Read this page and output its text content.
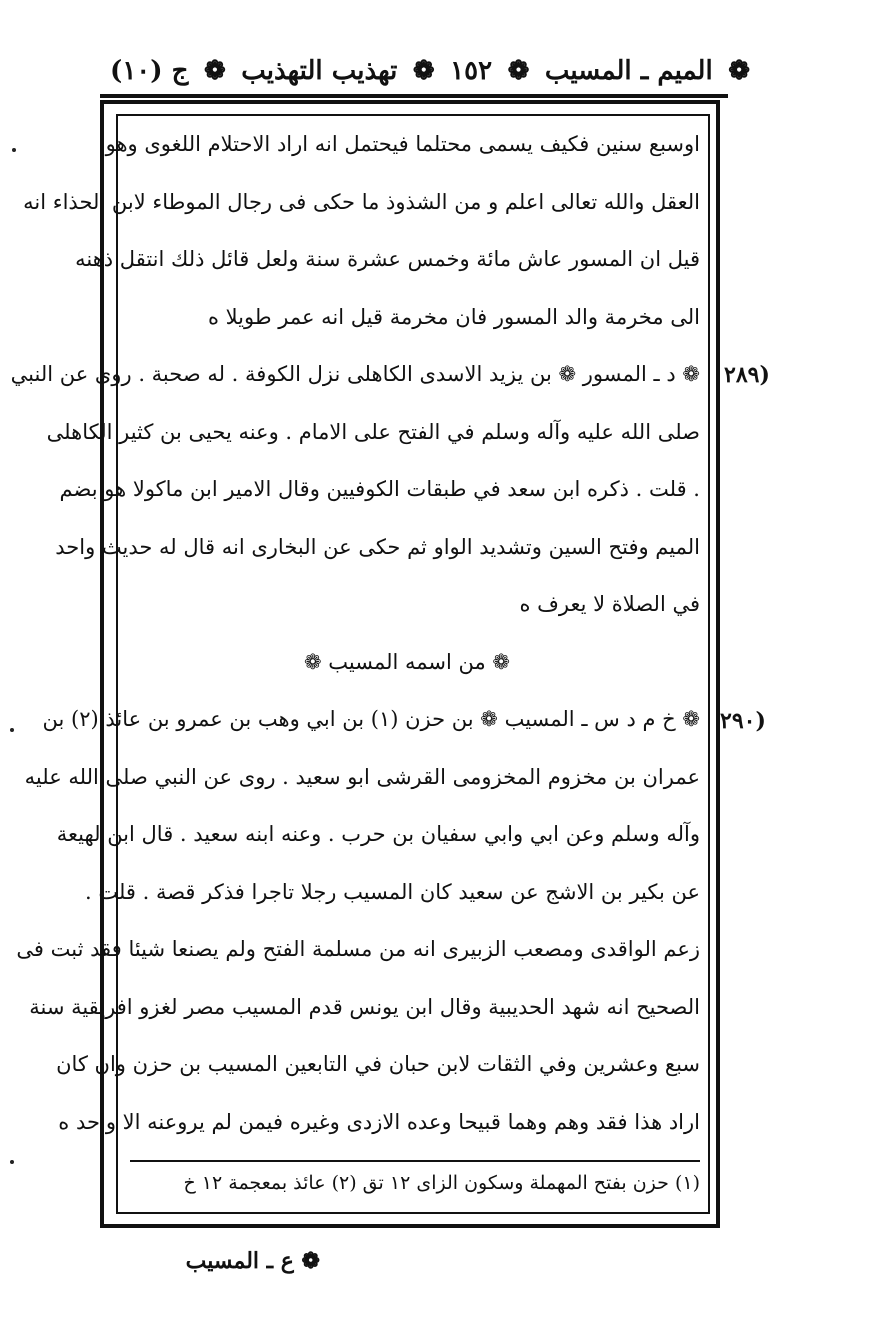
ج (١٠) ❁ تهذيب التهذيب ❁ ١٥٢ ❁ الميم ـ المسيب ❁
اوسبع سنين فكيف يسمى محتلما فيحتمل انه اراد الاحتلام اللغوى وهو
العقل والله تعالى اعلم و من الشذوذ ما حكى فى رجال الموطاء لابن الحذاء انه
قيل ان المسور عاش مائة وخمس عشرة سنة ولعل قائل ذلك انتقل ذهنه
الى مخرمة والد المسور فان مخرمة قيل انه عمر طويلا ه
❁ د ـ المسور ❁ بن يزيد الاسدى الكاهلى نزل الكوفة . له صحبة . روى عن النبي
صلى الله عليه وآله وسلم في الفتح على الامام . وعنه يحيى بن كثير الكاهلى
. قلت . ذكره ابن سعد في طبقات الكوفيين وقال الامير ابن ماكولا هو بضم
الميم وفتح السين وتشديد الواو ثم حكى عن البخارى انه قال له حديث واحد
في الصلاة لا يعرف ه
❁ من اسمه المسيب ❁
❁ خ م د س ـ المسيب ❁ بن حزن (١) بن ابي وهب بن عمرو بن عائذ (٢) بن
عمران بن مخزوم المخزومى القرشى ابو سعيد . روى عن النبي صلى الله عليه
وآله وسلم وعن ابي وابي سفيان بن حرب . وعنه ابنه سعيد . قال ابن لهيعة
عن بكير بن الاشج عن سعيد كان المسيب رجلا تاجرا فذكر قصة . قلت .
زعم الواقدى ومصعب الزبيرى انه من مسلمة الفتح ولم يصنعا شيئا فقد ثبت فى
الصحيح انه شهد الحديبية وقال ابن يونس قدم المسيب مصر لغزو افريقية سنة
سبع وعشرين وفي الثقات لابن حبان في التابعين المسيب بن حزن وان كان
اراد هذا فقد وهم وهما قبيحا وعده الازدى وغيره فيمن لم يروعنه الا واحد ه
(٢٨٩
(٢٩٠
(١) حزن بفتح المهملة وسكون الزاى ١٢ تق (٢) عائذ بمعجمة ١٢ خ
❁ ع ـ المسيب
